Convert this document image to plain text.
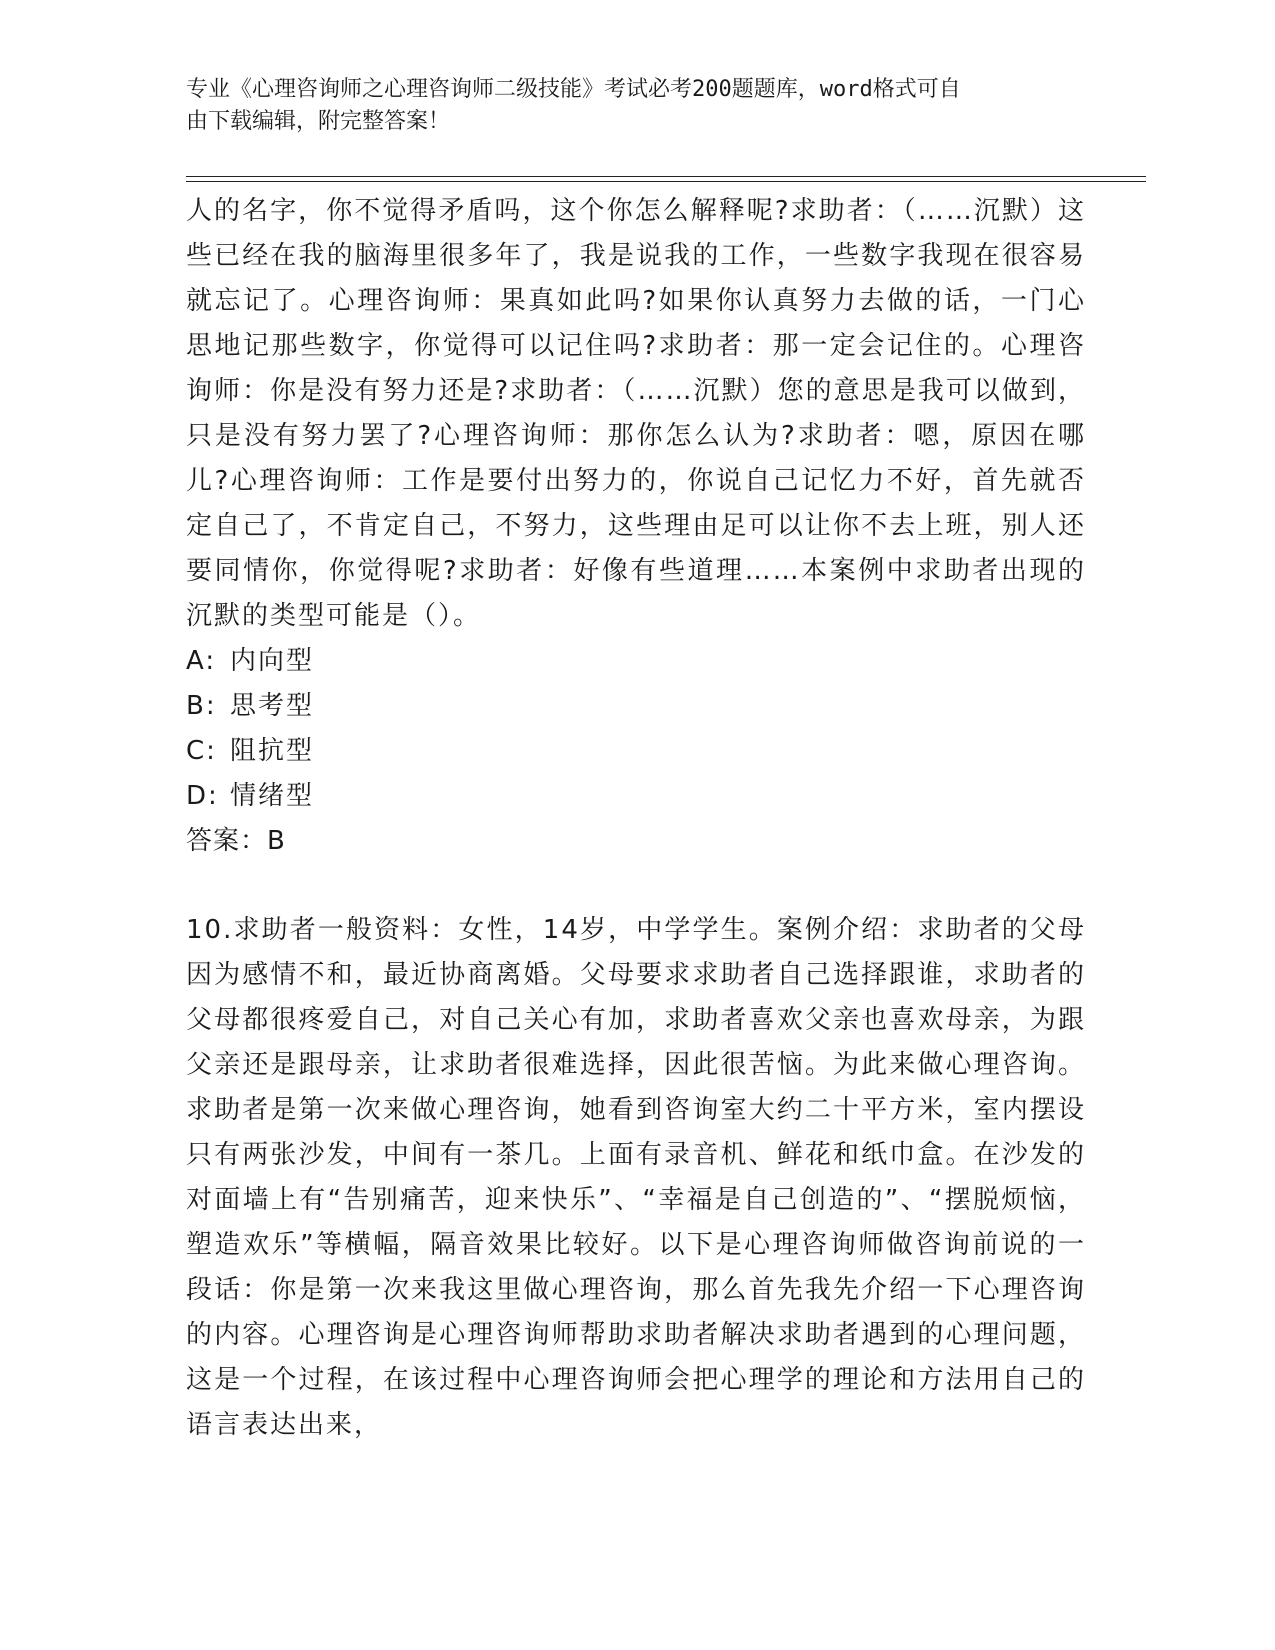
专业《心理咨询师之心理咨询师二级技能》考试必考200题题库，word格式可自
由下载编辑，附完整答案！

人的名字，你不觉得矛盾吗，这个你怎么解释呢?求助者：（……沉默）这些已经在我的脑海里很多年了，我是说我的工作，一些数字我现在很容易就忘记了。心理咨询师：果真如此吗?如果你认真努力去做的话，一门心思地记那些数字，你觉得可以记住吗?求助者：那一定会记住的。心理咨询师：你是没有努力还是?求助者：（……沉默）您的意思是我可以做到，只是没有努力罢了?心理咨询师：那你怎么认为?求助者：嗯，原因在哪儿?心理咨询师：工作是要付出努力的，你说自己记忆力不好，首先就否定自己了，不肯定自己，不努力，这些理由足可以让你不去上班，别人还要同情你，你觉得呢?求助者：好像有些道理……本案例中求助者出现的沉默的类型可能是（）。

A: 内向型
B: 思考型
C: 阻抗型
D: 情绪型

答案：B

10.求助者一般资料：女性，14岁，中学学生。案例介绍：求助者的父母因为感情不和，最近协商离婚。父母要求求助者自己选择跟谁，求助者的父母都很疼爱自己，对自己关心有加，求助者喜欢父亲也喜欢母亲，为跟父亲还是跟母亲，让求助者很难选择，因此很苦恼。为此来做心理咨询。求助者是第一次来做心理咨询，她看到咨询室大约二十平方米，室内摆设只有两张沙发，中间有一茶几。上面有录音机、鲜花和纸巾盒。在沙发的对面墙上有“告别痛苦，迎来快乐”、“幸福是自己创造的”、“摆脱烦恼，塑造欢乐”等横幅，隔音效果比较好。以下是心理咨询师做咨询前说的一段话：你是第一次来我这里做心理咨询，那么首先我先介绍一下心理咨询的内容。心理咨询是心理咨询师帮助求助者解决求助者遇到的心理问题，这是一个过程，在该过程中心理咨询师会把心理学的理论和方法用自己的语言表达出来，
